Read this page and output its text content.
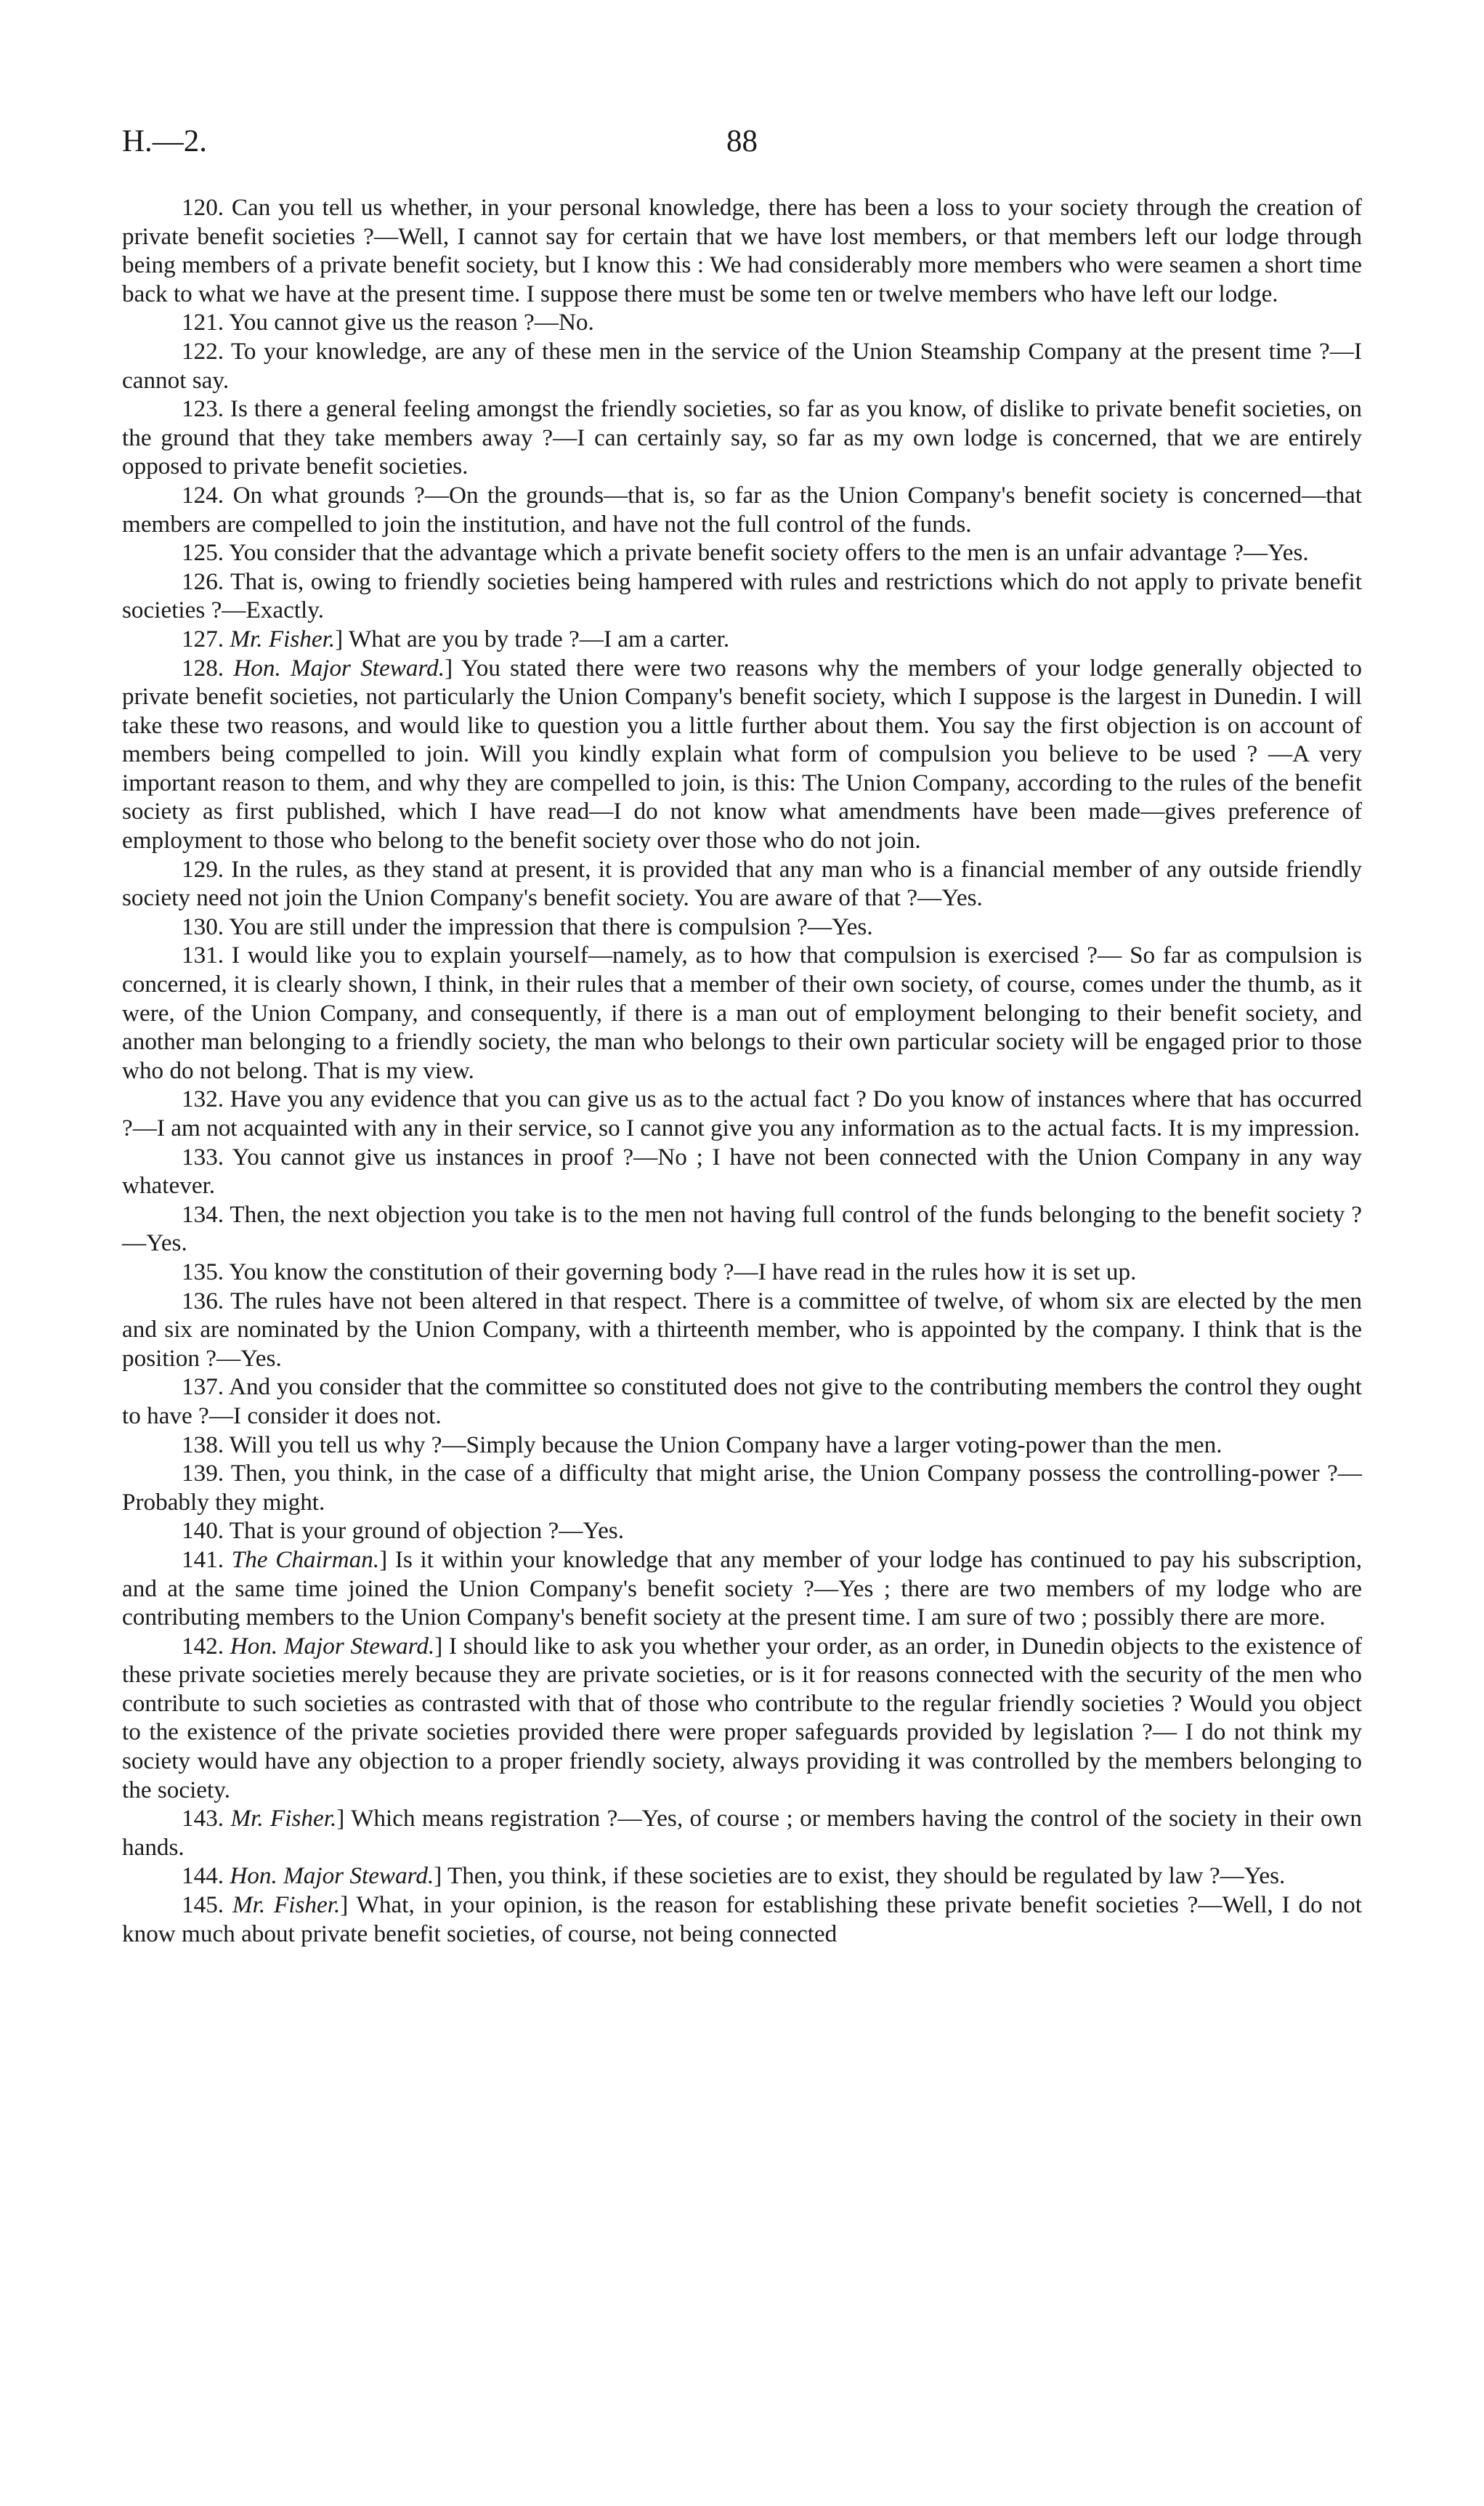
H.—2.	88

120. Can you tell us whether, in your personal knowledge, there has been a loss to your society through the creation of private benefit societies ?—Well, I cannot say for certain that we have lost members, or that members left our lodge through being members of a private benefit society, but I know this : We had considerably more members who were seamen a short time back to what we have at the present time. I suppose there must be some ten or twelve members who have left our lodge.

121. You cannot give us the reason ?—No.

122. To your knowledge, are any of these men in the service of the Union Steamship Company at the present time ?—I cannot say.

123. Is there a general feeling amongst the friendly societies, so far as you know, of dislike to private benefit societies, on the ground that they take members away ?—I can certainly say, so far as my own lodge is concerned, that we are entirely opposed to private benefit societies.

124. On what grounds ?—On the grounds—that is, so far as the Union Company's benefit society is concerned—that members are compelled to join the institution, and have not the full control of the funds.

125. You consider that the advantage which a private benefit society offers to the men is an unfair advantage ?—Yes.

126. That is, owing to friendly societies being hampered with rules and restrictions which do not apply to private benefit societies ?—Exactly.

127. Mr. Fisher.] What are you by trade ?—I am a carter.

128. Hon. Major Steward.] You stated there were two reasons why the members of your lodge generally objected to private benefit societies, not particularly the Union Company's benefit society, which I suppose is the largest in Dunedin. I will take these two reasons, and would like to question you a little further about them. You say the first objection is on account of members being compelled to join. Will you kindly explain what form of compulsion you believe to be used ? —A very important reason to them, and why they are compelled to join, is this: The Union Company, according to the rules of the benefit society as first published, which I have read—I do not know what amendments have been made—gives preference of employment to those who belong to the benefit society over those who do not join.

129. In the rules, as they stand at present, it is provided that any man who is a financial member of any outside friendly society need not join the Union Company's benefit society. You are aware of that ?—Yes.

130. You are still under the impression that there is compulsion ?—Yes.

131. I would like you to explain yourself—namely, as to how that compulsion is exercised ?— So far as compulsion is concerned, it is clearly shown, I think, in their rules that a member of their own society, of course, comes under the thumb, as it were, of the Union Company, and consequently, if there is a man out of employment belonging to their benefit society, and another man belonging to a friendly society, the man who belongs to their own particular society will be engaged prior to those who do not belong. That is my view.

132. Have you any evidence that you can give us as to the actual fact ? Do you know of instances where that has occurred ?—I am not acquainted with any in their service, so I cannot give you any information as to the actual facts. It is my impression.

133. You cannot give us instances in proof ?—No ; I have not been connected with the Union Company in any way whatever.

134. Then, the next objection you take is to the men not having full control of the funds belonging to the benefit society ?—Yes.

135. You know the constitution of their governing body ?—I have read in the rules how it is set up.

136. The rules have not been altered in that respect. There is a committee of twelve, of whom six are elected by the men and six are nominated by the Union Company, with a thirteenth member, who is appointed by the company. I think that is the position ?—Yes.

137. And you consider that the committee so constituted does not give to the contributing members the control they ought to have ?—I consider it does not.

138. Will you tell us why ?—Simply because the Union Company have a larger voting-power than the men.

139. Then, you think, in the case of a difficulty that might arise, the Union Company possess the controlling-power ?—Probably they might.

140. That is your ground of objection ?—Yes.

141. The Chairman.] Is it within your knowledge that any member of your lodge has continued to pay his subscription, and at the same time joined the Union Company's benefit society ?—Yes ; there are two members of my lodge who are contributing members to the Union Company's benefit society at the present time. I am sure of two ; possibly there are more.

142. Hon. Major Steward.] I should like to ask you whether your order, as an order, in Dunedin objects to the existence of these private societies merely because they are private societies, or is it for reasons connected with the security of the men who contribute to such societies as contrasted with that of those who contribute to the regular friendly societies ? Would you object to the existence of the private societies provided there were proper safeguards provided by legislation ?— I do not think my society would have any objection to a proper friendly society, always providing it was controlled by the members belonging to the society.

143. Mr. Fisher.] Which means registration ?—Yes, of course ; or members having the control of the society in their own hands.

144. Hon. Major Steward.] Then, you think, if these societies are to exist, they should be regulated by law ?—Yes.

145. Mr. Fisher.] What, in your opinion, is the reason for establishing these private benefit societies ?—Well, I do not know much about private benefit societies, of course, not being connected
